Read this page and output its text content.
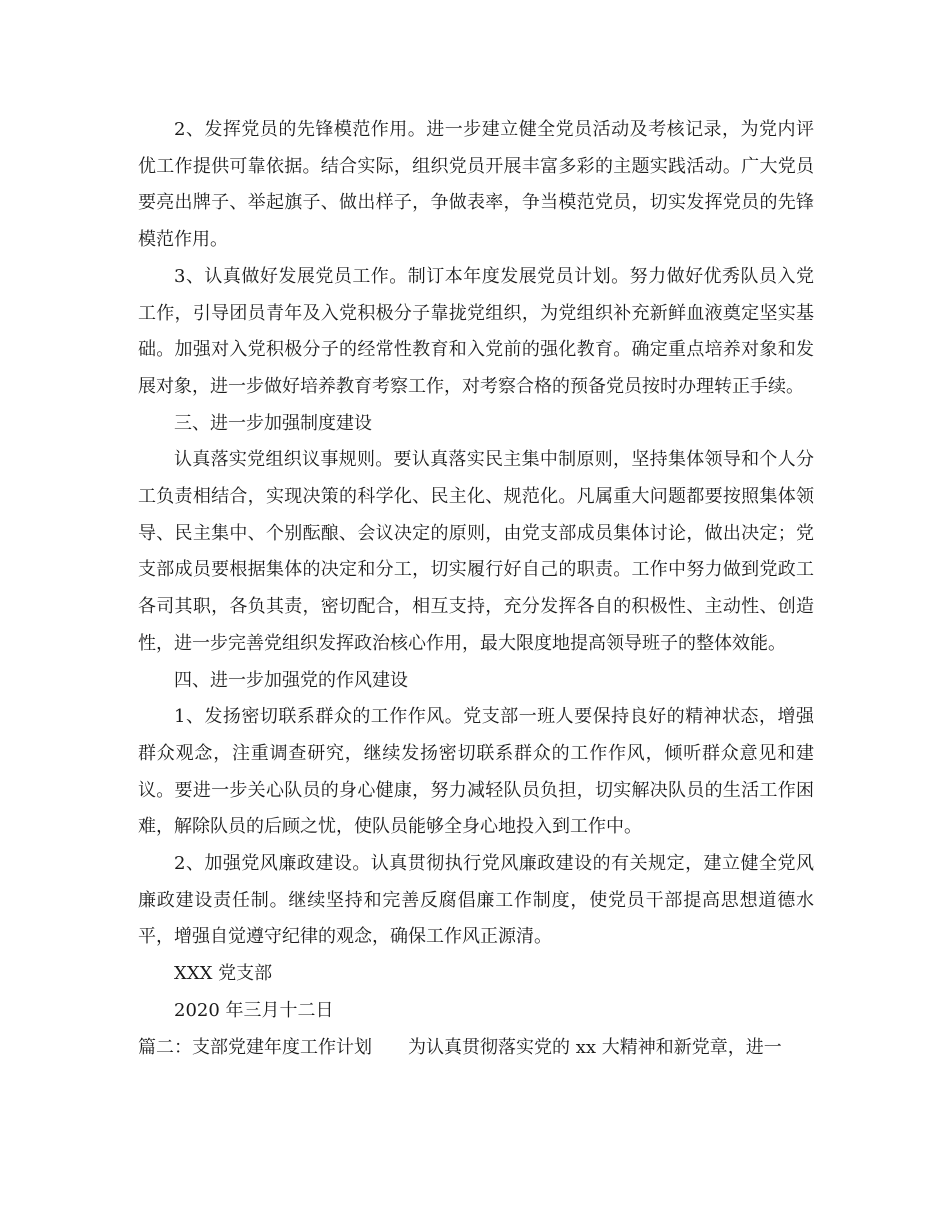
2、发挥党员的先锋模范作用。进一步建立健全党员活动及考核记录，为党内评优工作提供可靠依据。结合实际，组织党员开展丰富多彩的主题实践活动。广大党员要亮出牌子、举起旗子、做出样子，争做表率，争当模范党员，切实发挥党员的先锋模范作用。

3、认真做好发展党员工作。制订本年度发展党员计划。努力做好优秀队员入党工作，引导团员青年及入党积极分子靠拢党组织，为党组织补充新鲜血液奠定坚实基础。加强对入党积极分子的经常性教育和入党前的强化教育。确定重点培养对象和发展对象，进一步做好培养教育考察工作，对考察合格的预备党员按时办理转正手续。

三、进一步加强制度建设

认真落实党组织议事规则。要认真落实民主集中制原则，坚持集体领导和个人分工负责相结合，实现决策的科学化、民主化、规范化。凡属重大问题都要按照集体领导、民主集中、个别酝酿、会议决定的原则，由党支部成员集体讨论，做出决定；党支部成员要根据集体的决定和分工，切实履行好自己的职责。工作中努力做到党政工各司其职，各负其责，密切配合，相互支持，充分发挥各自的积极性、主动性、创造性，进一步完善党组织发挥政治核心作用，最大限度地提高领导班子的整体效能。

四、进一步加强党的作风建设

1、发扬密切联系群众的工作作风。党支部一班人要保持良好的精神状态，增强群众观念，注重调查研究，继续发扬密切联系群众的工作作风，倾听群众意见和建议。要进一步关心队员的身心健康，努力减轻队员负担，切实解决队员的生活工作困难，解除队员的后顾之忧，使队员能够全身心地投入到工作中。

2、加强党风廉政建设。认真贯彻执行党风廉政建设的有关规定，建立健全党风廉政建设责任制。继续坚持和完善反腐倡廉工作制度，使党员干部提高思想道德水平，增强自觉遵守纪律的观念，确保工作风正源清。

XXX 党支部

2020 年三月十二日

篇二：支部党建年度工作计划 为认真贯彻落实党的 xx 大精神和新党章，进一
